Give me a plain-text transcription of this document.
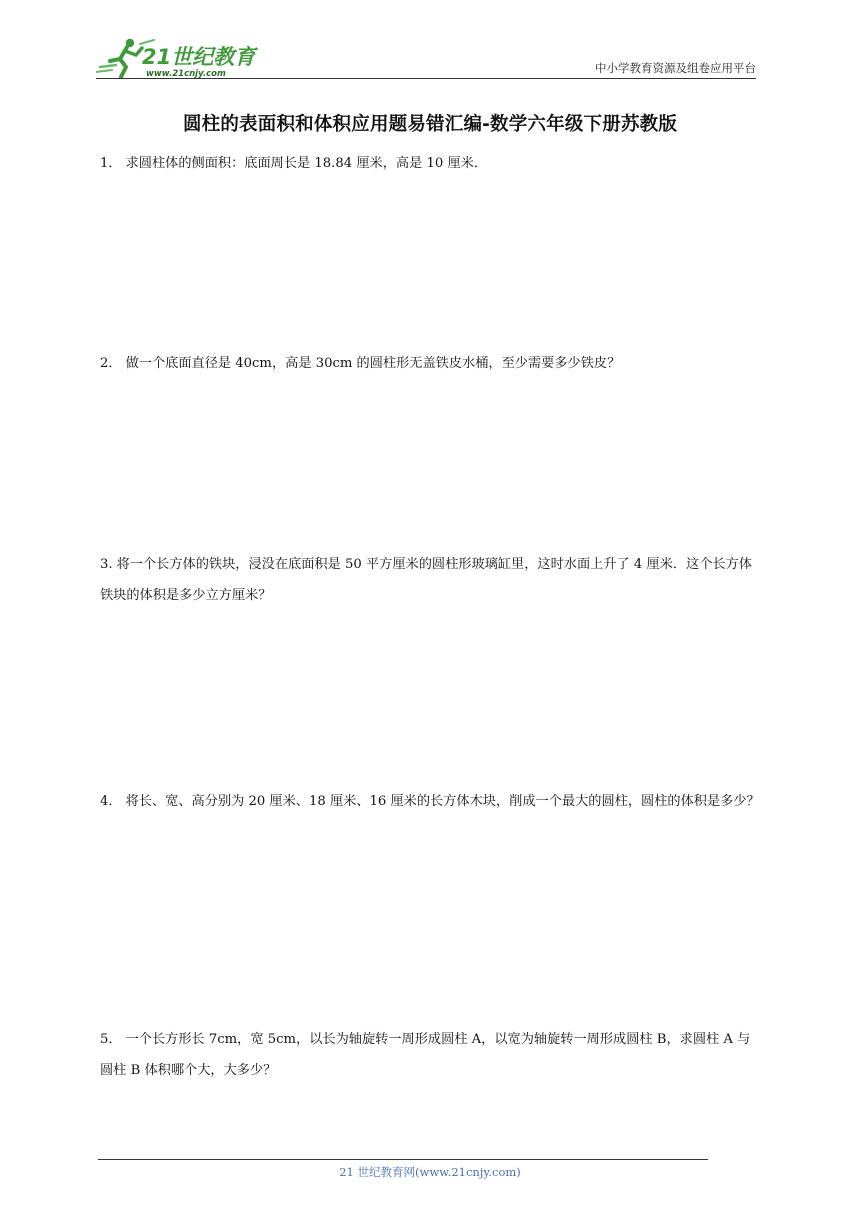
21世纪教育
www.21cnjy.com	中小学教育资源及组卷应用平台
圆柱的表面积和体积应用题易错汇编-数学六年级下册苏教版
1． 求圆柱体的侧面积：底面周长是 18.84 厘米，高是 10 厘米．
2． 做一个底面直径是 40cm，高是 30cm 的圆柱形无盖铁皮水桶，至少需要多少铁皮？
3. 将一个长方体的铁块，浸没在底面积是 50 平方厘米的圆柱形玻璃缸里，这时水面上升了 4 厘米．这个长方体铁块的体积是多少立方厘米？
4． 将长、宽、高分别为 20 厘米、18 厘米、16 厘米的长方体木块，削成一个最大的圆柱，圆柱的体积是多少？
5． 一个长方形长 7cm，宽 5cm，以长为轴旋转一周形成圆柱 A，以宽为轴旋转一周形成圆柱 B，求圆柱 A 与圆柱 B 体积哪个大，大多少？
21 世纪教育网(www.21cnjy.com)
